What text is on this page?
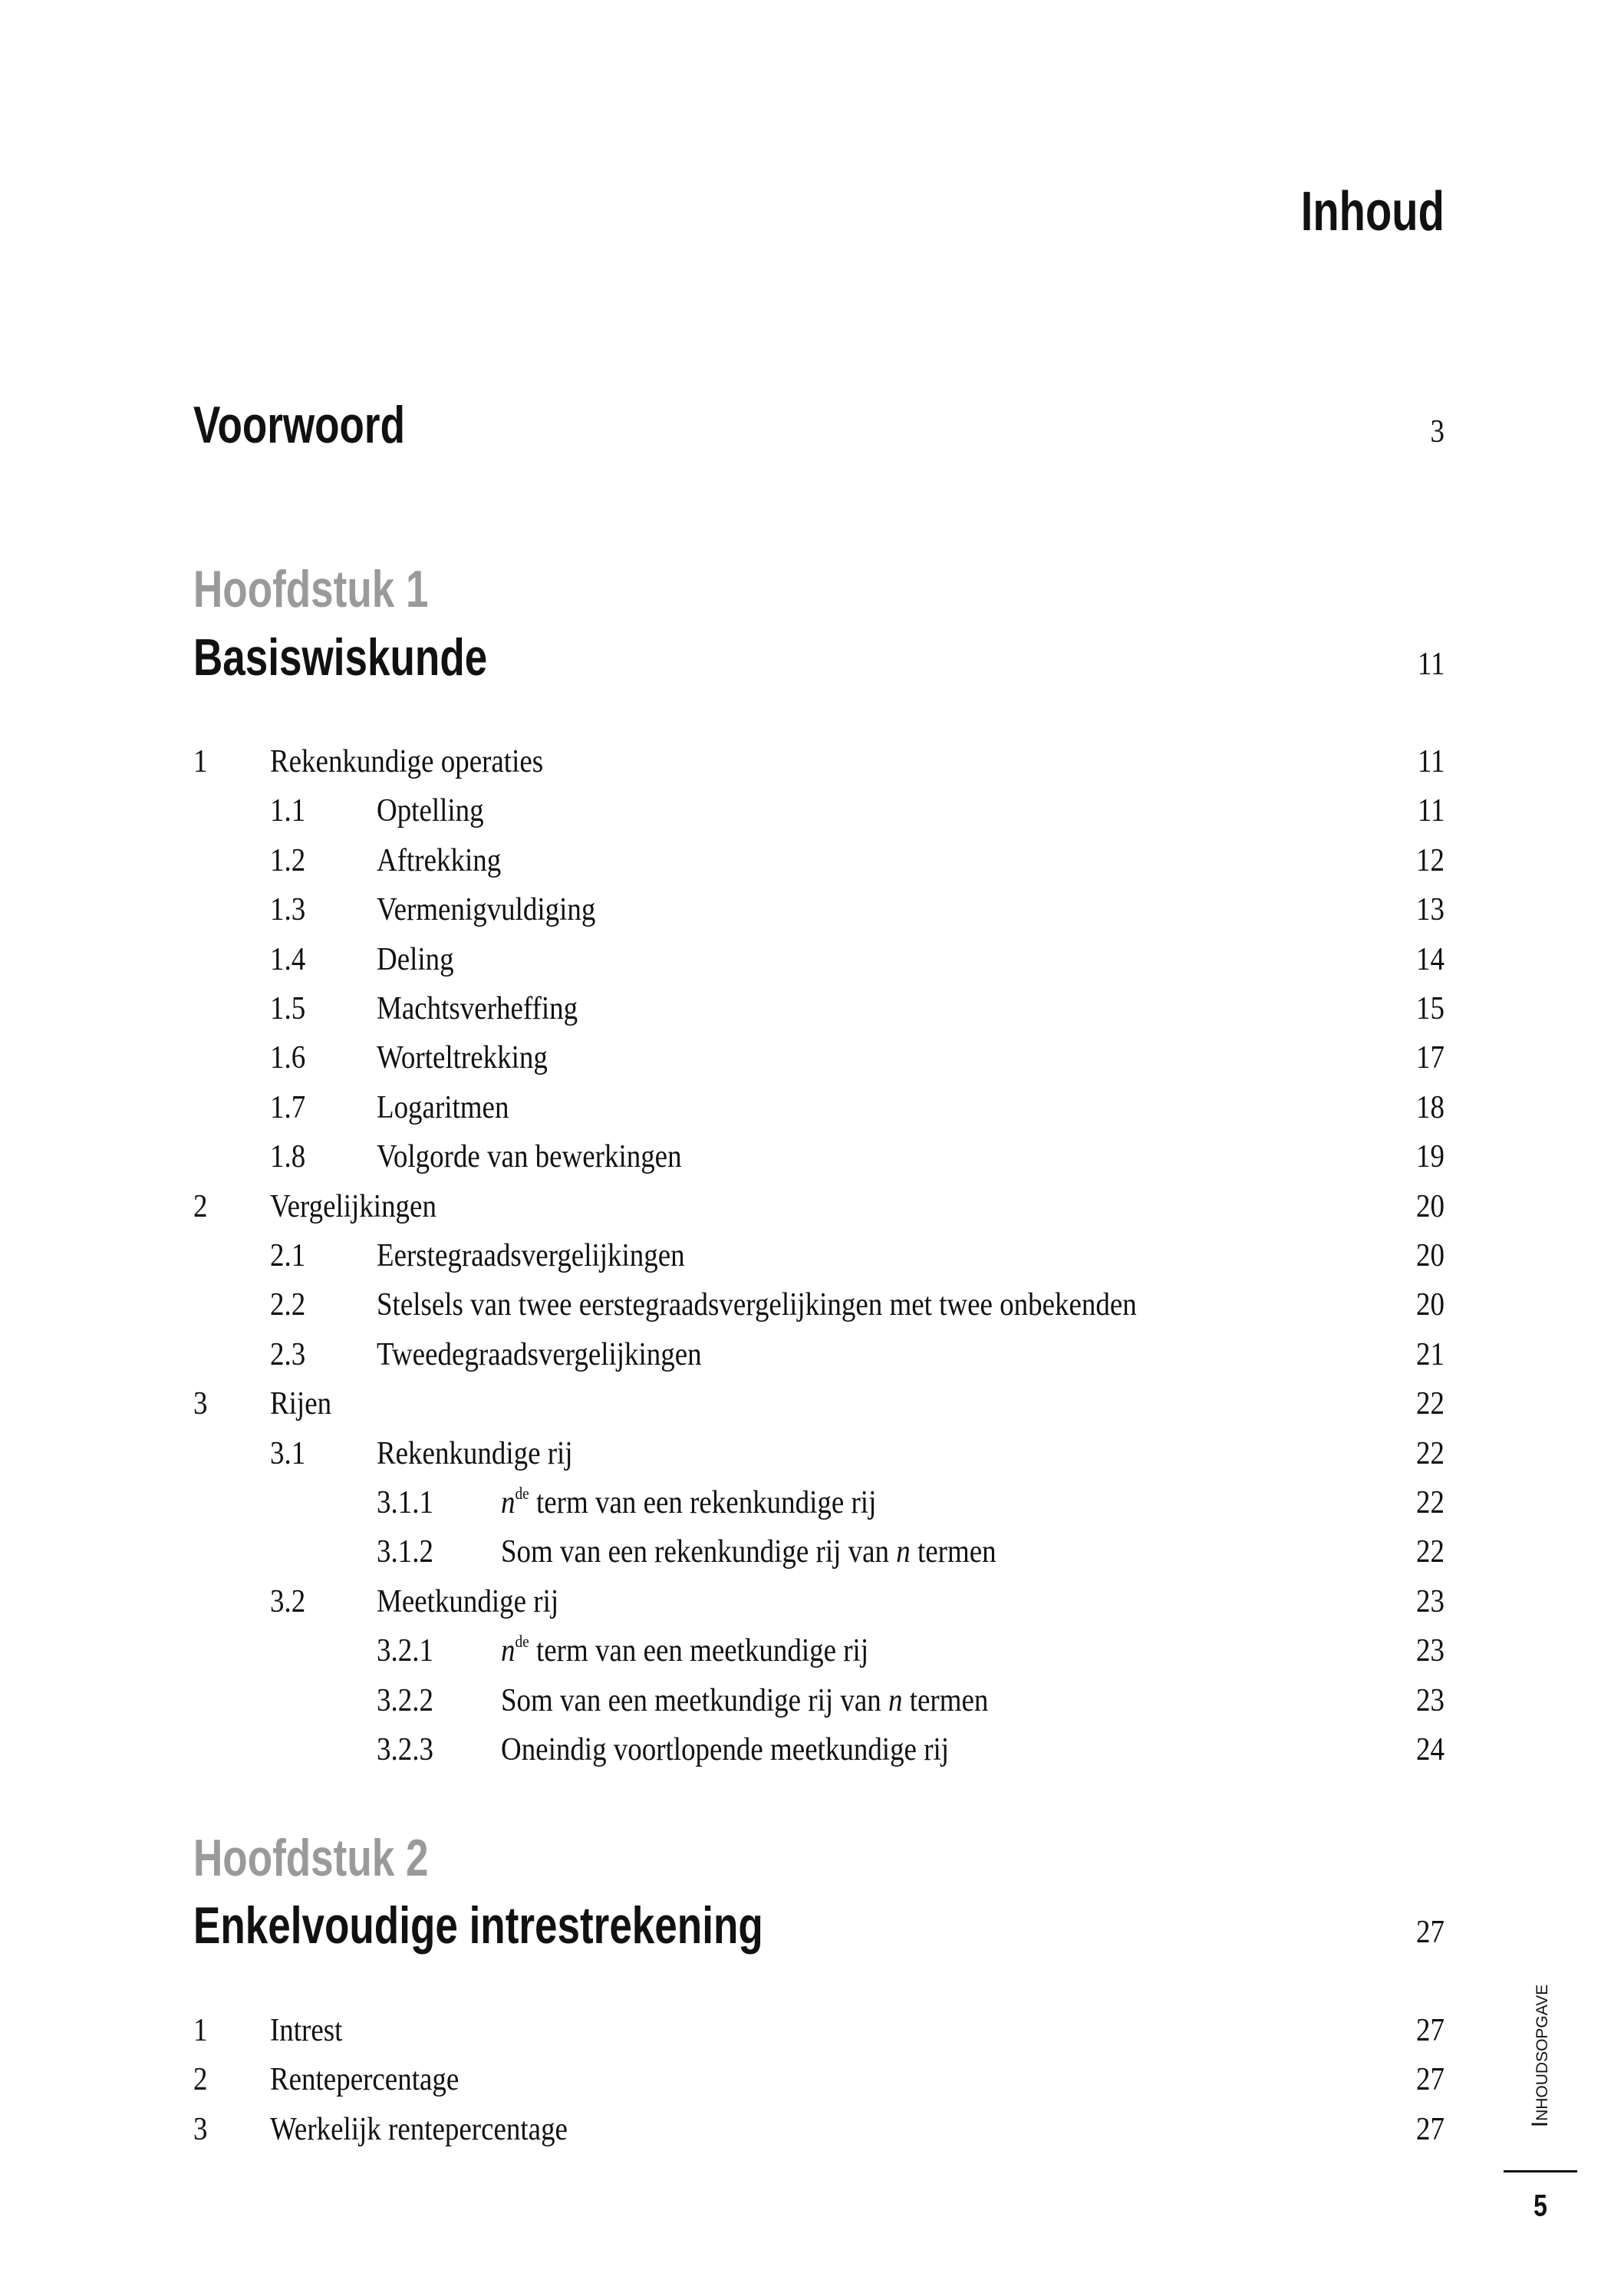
Inhoud
Voorwoord	3
Hoofdstuk 1
Basiswiskunde	11
1 Rekenkundige operaties	11
1.1 Optelling	11
1.2 Aftrekking	12
1.3 Vermenigvuldiging	13
1.4 Deling	14
1.5 Machtsverheffing	15
1.6 Worteltrekking	17
1.7 Logaritmen	18
1.8 Volgorde van bewerkingen	19
2 Vergelijkingen	20
2.1 Eerstegraadsvergelijkingen	20
2.2 Stelsels van twee eerstegraadsvergelijkingen met twee onbekenden	20
2.3 Tweedegraadsvergelijkingen	21
3 Rijen	22
3.1 Rekenkundige rij	22
3.1.1 $n^{de}$ term van een rekenkundige rij	22
3.1.2 Som van een rekenkundige rij van n termen	22
3.2 Meetkundige rij	23
3.2.1 $n^{de}$ term van een meetkundige rij	23
3.2.2 Som van een meetkundige rij van n termen	23
3.2.3 Oneindig voortlopende meetkundige rij	24
Hoofdstuk 2
Enkelvoudige intrestrekening	27
1 Intrest	27
2 Rentepercentage	27
3 Werkelijk rentepercentage	27
Inhoudsopgave
5
